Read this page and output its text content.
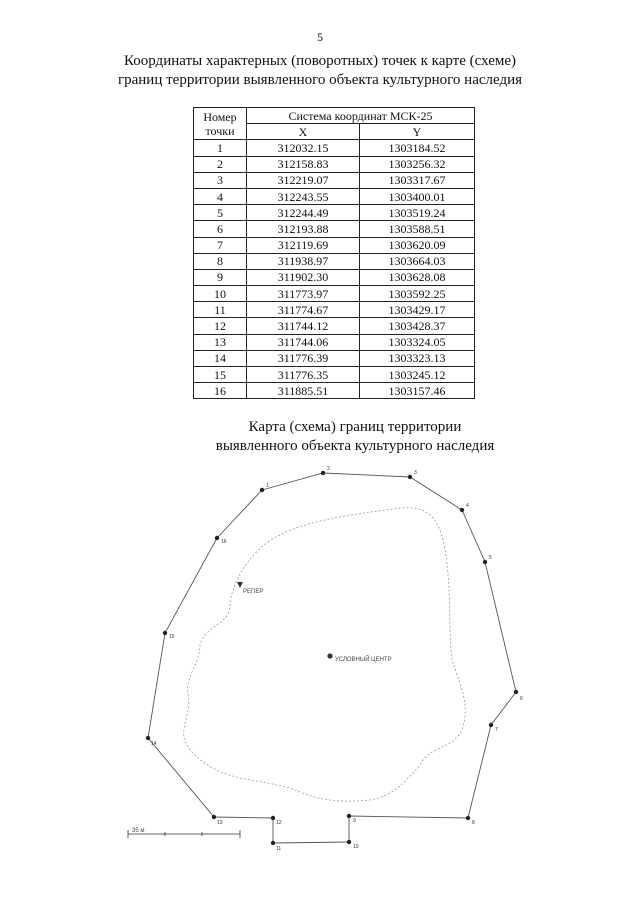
5
Координаты характерных (поворотных) точек к карте (схеме)
границ территории выявленного объекта культурного наследия
Номер
точки	Система координат МСК-25	
	X	Y
1	312032.15	1303184.52
2	312158.83	1303256.32
3	312219.07	1303317.67
4	312243.55	1303400.01
5	312244.49	1303519.24
6	312193.88	1303588.51
7	312119.69	1303620.09
8	311938.97	1303664.03
9	311902.30	1303628.08
10	311773.97	1303592.25
11	311774.67	1303429.17
12	311744.12	1303428.37
13	311744.06	1303324.05
14	311776.39	1303323.13
15	311776.35	1303245.12
16	311885.51	1303157.46
Карта (схема) границ территории
выявленного объекта культурного наследия
1
2
3
4
5
6
7
8
9
10
11
12
13
14
15
16
РЕПЕР
УСЛОВНЫЙ ЦЕНТР
35 м
